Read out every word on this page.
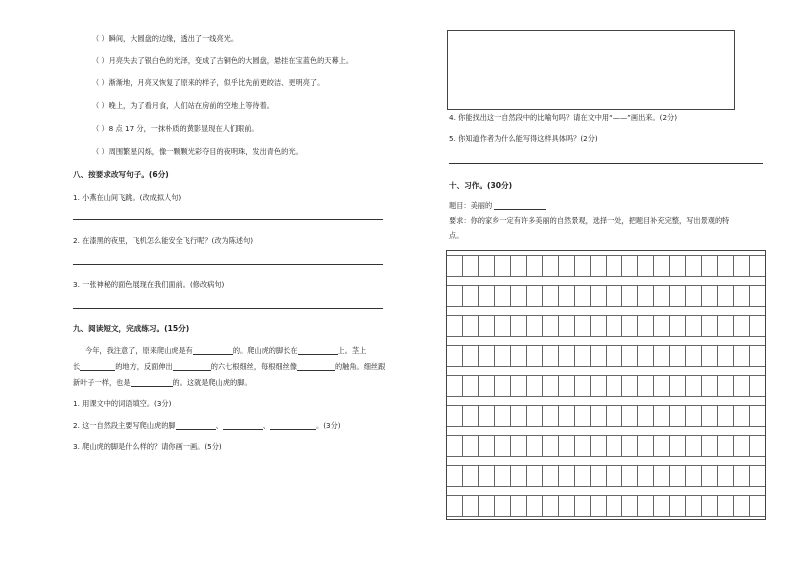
（ ）瞬间，大圆盘的边缘，透出了一线亮光。
（ ）月亮失去了银白色的光泽，变成了古铜色的大圆盘，悬挂在宝蓝色的天幕上。
（ ）渐渐地，月亮又恢复了原来的样子，似乎比先前更皎洁、更明亮了。
（ ）晚上，为了看月食，人们站在房前的空地上等待着。
（ ）8 点 17 分，一抹朴质的黄影显现在人们眼前。
（ ）周围繁星闪烁，像一颗颗光彩夺目的夜明珠，发出青色的光。
八、按要求改写句子。(6分)
1. 小燕在山间飞跳。(改成拟人句)
2. 在漆黑的夜里，飞机怎么能安全飞行呢？(改为陈述句)
3. 一张神秘的面色展现在我们面前。(修改病句)
九、阅读短文，完成练习。(15分)
今年，我注意了，原来爬山虎是有	的。爬山虎的脚长在	上。茎上
长	的地方，反面伸出	的六七根细丝，每根细丝像	的触角。细丝跟
新叶子一样，也是	的。这就是爬山虎的脚。
1. 用课文中的词语填空。(3分)
2. 这一自然段主要写爬山虎的脚	、	、	。(3分)
3. 爬山虎的脚是什么样的？请你画一画。(5分)
4. 你能找出这一自然段中的比喻句吗？请在文中用“——”画出来。(2分)
5. 你知道作者为什么能写得这样具体吗？(2分)
十、习作。(30分)
题目：美丽的
要求：你的家乡一定有许多美丽的自然景观，选择一处，把题目补充完整，写出景观的特
点。
